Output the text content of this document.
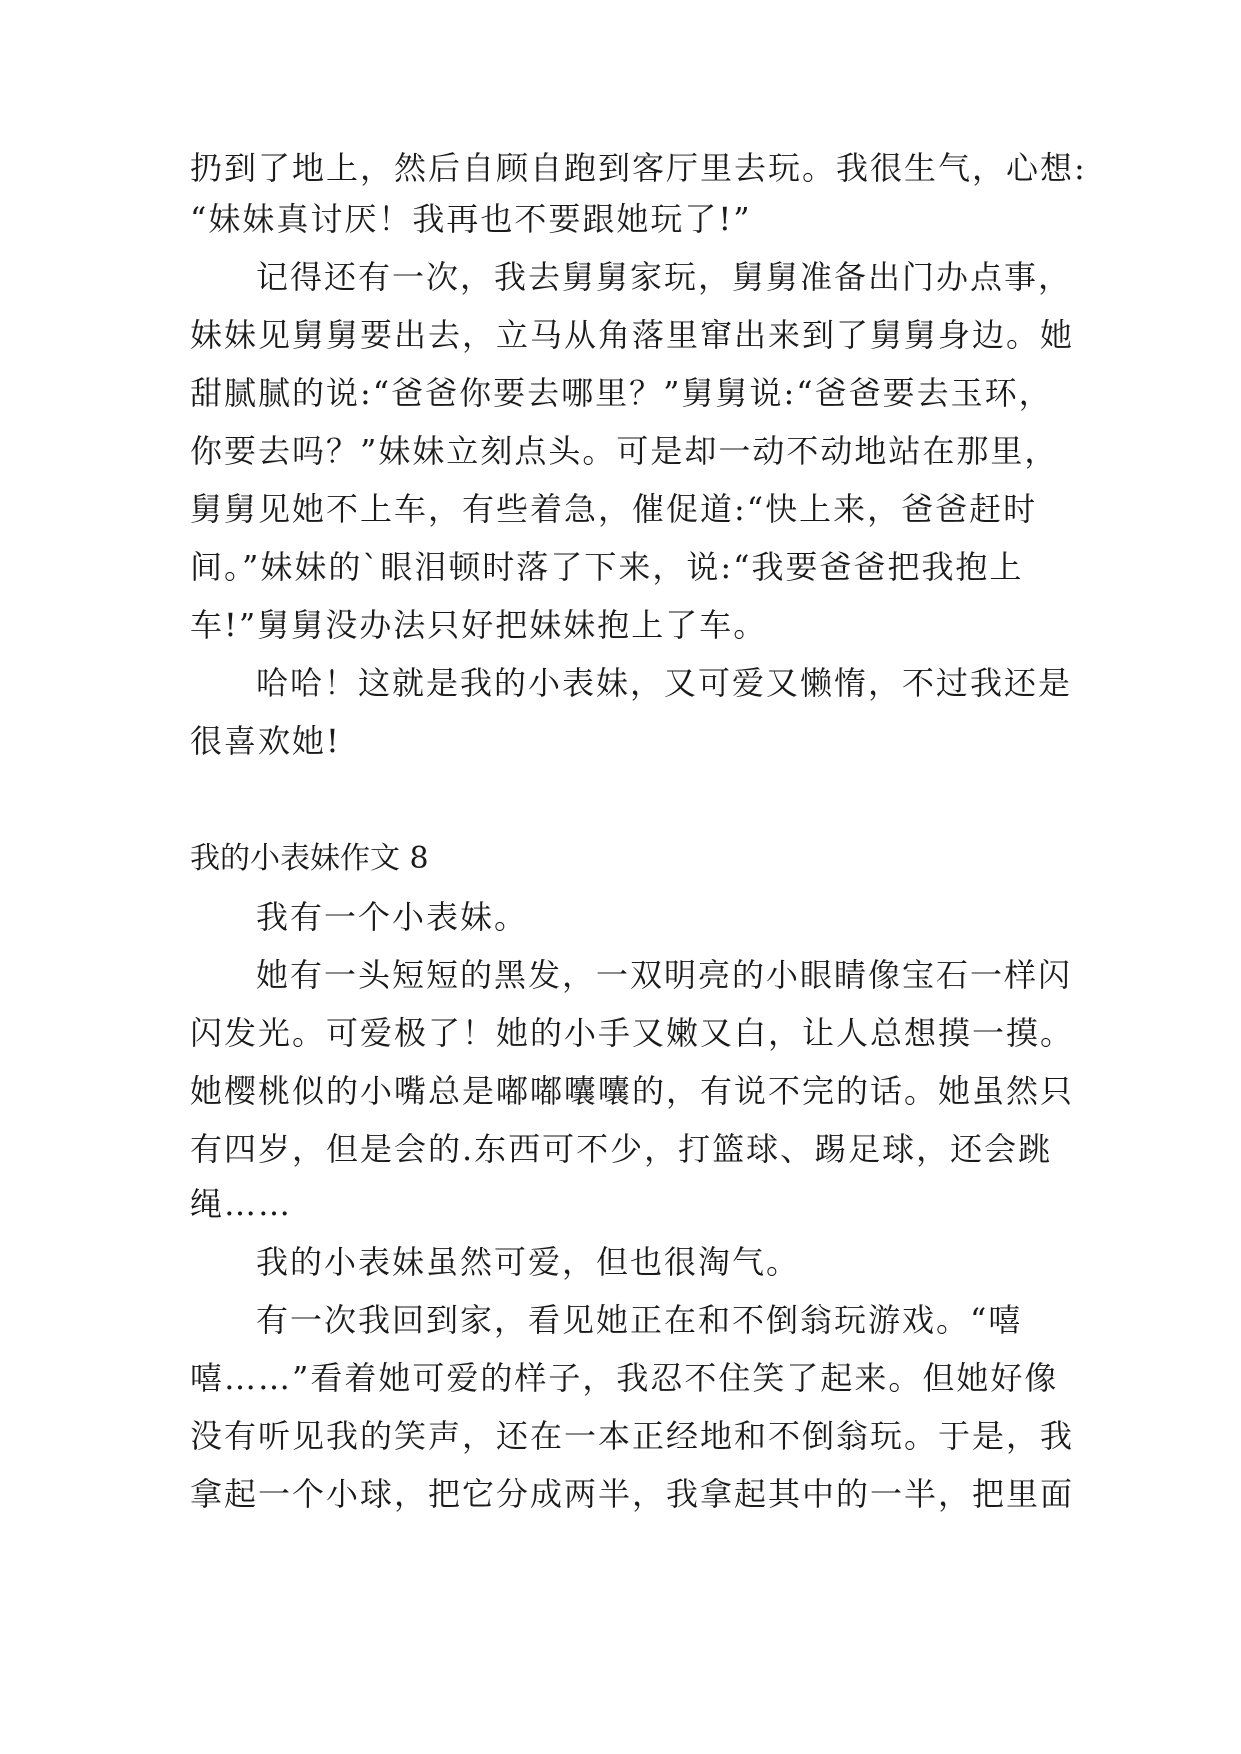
扔到了地上，然后自顾自跑到客厅里去玩。我很生气，心想:
“妹妹真讨厌！我再也不要跟她玩了!”
记得还有一次，我去舅舅家玩，舅舅准备出门办点事，
妹妹见舅舅要出去，立马从角落里窜出来到了舅舅身边。她
甜腻腻的说:“爸爸你要去哪里？”舅舅说:“爸爸要去玉环，
你要去吗？”妹妹立刻点头。可是却一动不动地站在那里，
舅舅见她不上车，有些着急，催促道:“快上来，爸爸赶时
间。”妹妹的`眼泪顿时落了下来，说:“我要爸爸把我抱上
车!”舅舅没办法只好把妹妹抱上了车。
哈哈！这就是我的小表妹，又可爱又懒惰，不过我还是
很喜欢她!
我的小表妹作文 8
我有一个小表妹。
她有一头短短的黑发，一双明亮的小眼睛像宝石一样闪
闪发光。可爱极了！她的小手又嫩又白，让人总想摸一摸。
她樱桃似的小嘴总是嘟嘟囔囔的，有说不完的话。她虽然只
有四岁，但是会的.东西可不少，打篮球、踢足球，还会跳
绳……
我的小表妹虽然可爱，但也很淘气。
有一次我回到家，看见她正在和不倒翁玩游戏。“嘻
嘻……”看着她可爱的样子，我忍不住笑了起来。但她好像
没有听见我的笑声，还在一本正经地和不倒翁玩。于是，我
拿起一个小球，把它分成两半，我拿起其中的一半，把里面
